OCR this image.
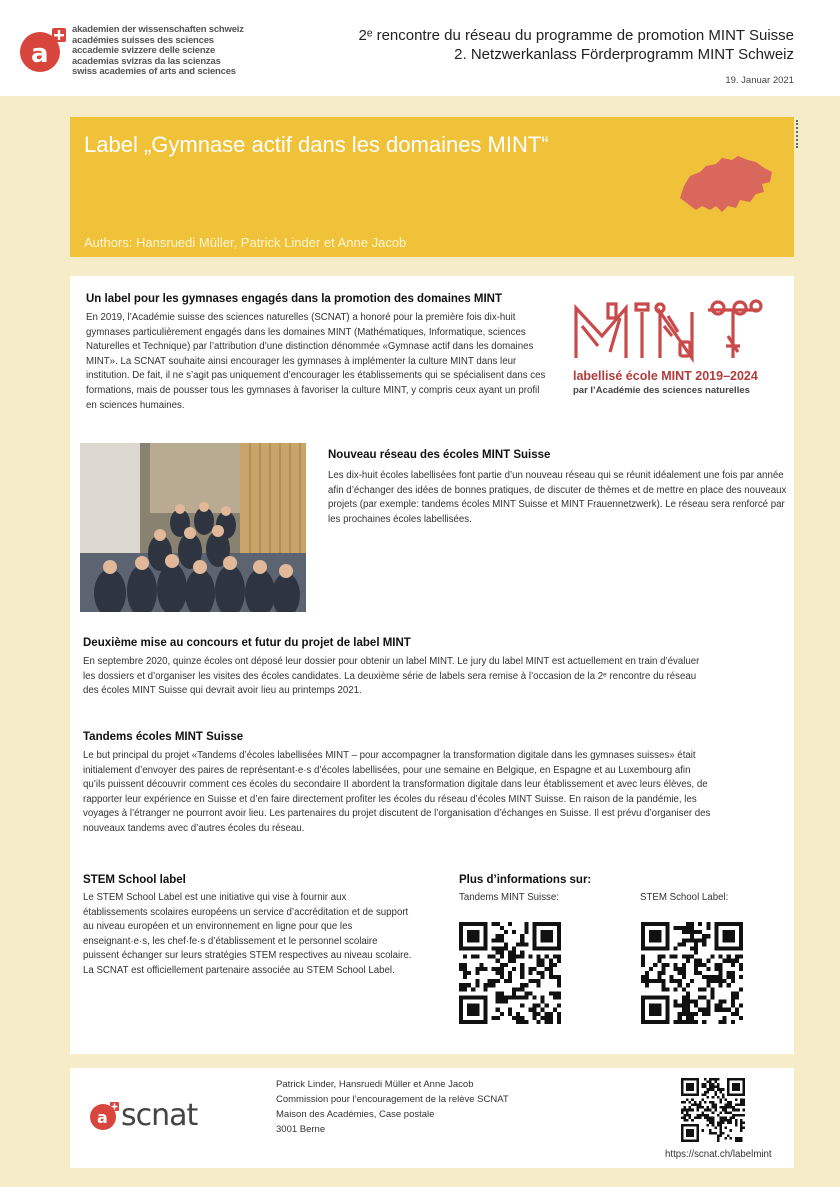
a
akademien der wissenschaften schweiz
académies suisses des sciences
accademie svizzere delle scienze
academias svizras da las scienzas
swiss academies of arts and sciences
2ᵉ rencontre du réseau du programme de promotion MINT Suisse
2. Netzwerkanlass Förderprogramm MINT Schweiz
19. Januar 2021
Label „Gymnase actif dans les domaines MINT“
Authors: Hansruedi Müller, Patrick Linder et Anne Jacob
Un label pour les gymnases engagés dans la promotion des domaines MINT

En 2019, l’Académie suisse des sciences naturelles (SCNAT) a honoré pour la première fois dix-huit gymnases particulièrement engagés dans les domaines MINT (Mathématiques, Informatique, sciences Naturelles et Technique) par l’attribution d’une distinction dénommée «Gymnase actif dans les domaines MINT». La SCNAT souhaite ainsi encourager les gymnases à implémenter la culture MINT dans leur institution. De fait, il ne s’agit pas uniquement d’encourager les établissements qui se spécialisent dans ces formations, mais de pousser tous les gymnases à favoriser la culture MINT, y compris ceux ayant un profil en sciences humaines.

labellisé école MINT 2019–2024
par l’Académie des sciences naturelles
Nouveau réseau des écoles MINT Suisse

Les dix-huit écoles labellisées font partie d’un nouveau réseau qui se réunit idéalement une fois par année afin d’échanger des idées de bonnes pratiques, de discuter de thèmes et de mettre en place des nouveaux projets (par exemple: tandems écoles MINT Suisse et MINT Frauennetzwerk). Le réseau sera renforcé par les prochaines écoles labellisées.

Deuxième mise au concours et futur du projet de label MINT

En septembre 2020, quinze écoles ont déposé leur dossier pour obtenir un label MINT. Le jury du label MINT est actuellement en train d’évaluer les dossiers et d’organiser les visites des écoles candidates. La deuxième série de labels sera remise à l’occasion de la 2ᵉ rencontre du réseau des écoles MINT Suisse qui devrait avoir lieu au printemps 2021.

Tandems écoles MINT Suisse

Le but principal du projet «Tandems d’écoles labellisées MINT – pour accompagner la transformation digitale dans les gymnases suisses» était initialement d’envoyer des paires de représentant·e·s d’écoles labellisées, pour une semaine en Belgique, en Espagne et au Luxembourg afin qu’ils puissent découvrir comment ces écoles du secondaire II abordent la transformation digitale dans leur établissement et avec leurs élèves, de rapporter leur expérience en Suisse et d’en faire directement profiter les écoles du réseau d’écoles MINT Suisse. En raison de la pandémie, les voyages à l’étranger ne pourront avoir lieu. Les partenaires du projet discutent de l’organisation d’échanges en Suisse. Il est prévu d’organiser des nouveaux tandems avec d’autres écoles du réseau.

STEM School label

Le STEM School Label est une initiative qui vise à fournir aux établissements scolaires européens un service d’accréditation et de support au niveau européen et un environnement en ligne pour que les enseignant·e·s, les chef·fe·s d’établissement et le personnel scolaire puissent échanger sur leurs stratégies STEM respectives au niveau scolaire. La SCNAT est officiellement partenaire associée au STEM School Label.

Plus d’informations sur:
Tandems MINT Suisse:	STEM School Label:
a scnat
Patrick Linder, Hansruedi Müller et Anne Jacob
Commission pour l’encouragement de la relève SCNAT
Maison des Académies, Case postale
3001 Berne
https://scnat.ch/labelmint
